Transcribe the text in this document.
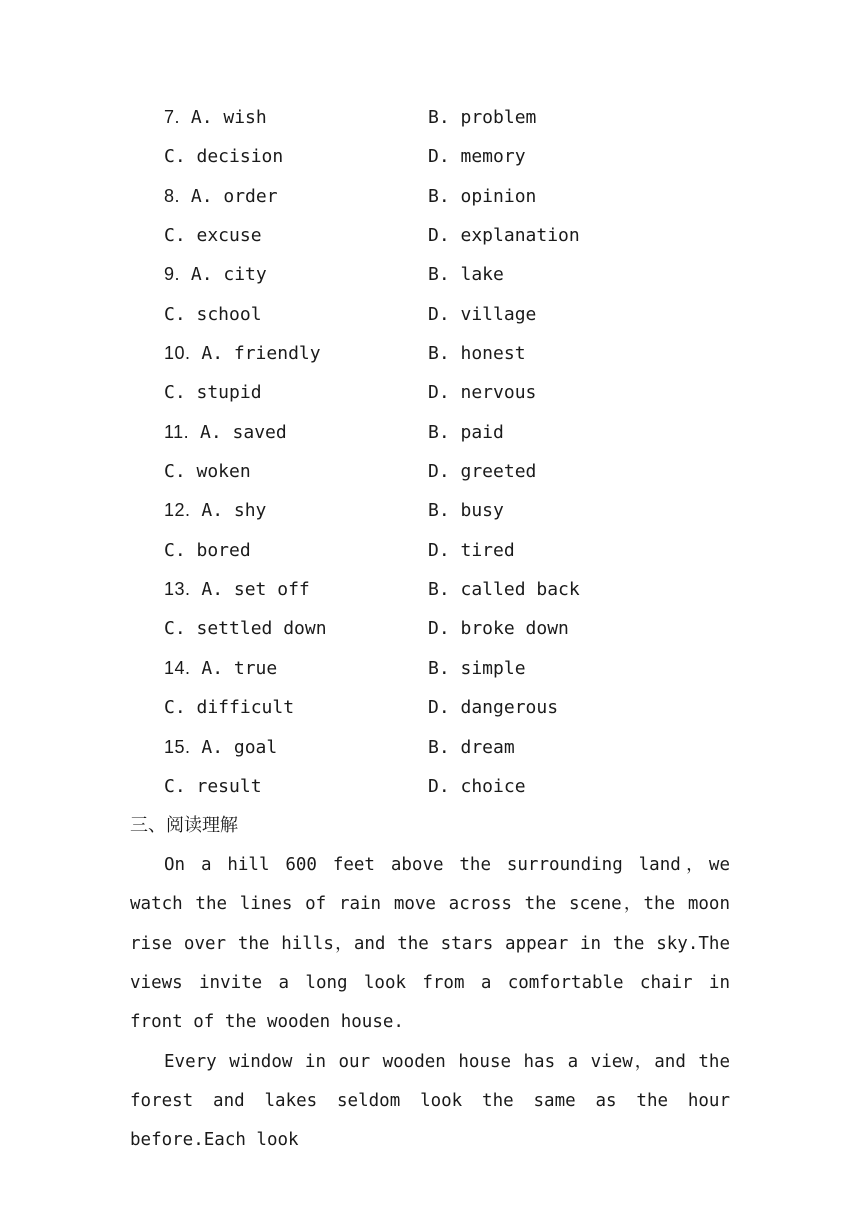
7. A. wish	B. problem
C. decision	D. memory
8. A. order	B. opinion
C. excuse	D. explanation
9. A. city	B. lake
C. school	D. village
10. A. friendly	B. honest
C. stupid	D. nervous
11. A. saved	B. paid
C. woken	D. greeted
12. A. shy	B. busy
C. bored	D. tired
13. A. set off	B. called back
C. settled down	D. broke down
14. A. true	B. simple
C. difficult	D. dangerous
15. A. goal	B. dream
C. result	D. choice
三、阅读理解

On a hill 600 feet above the surrounding land，we watch the lines of rain move across the scene，the moon rise over the hills，and the stars appear in the sky.The views invite a long look from a comfortable chair in front of the wooden house.

Every window in our wooden house has a view，and the forest and lakes seldom look the same as the hour before.Each look
